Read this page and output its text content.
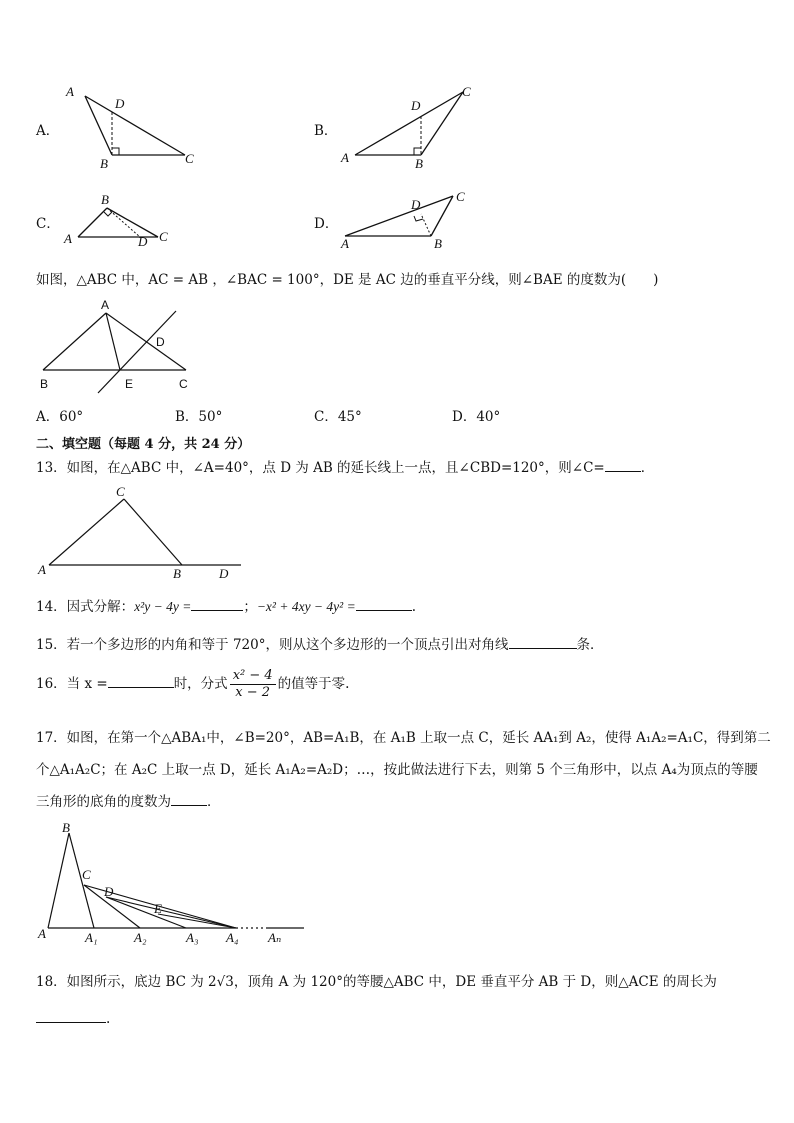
A．
A
D
B	C
B．
A
D
B
C
C．
A
B
D C
D．
A
D
B
C
如图，△ABC 中，AC = AB ，∠BAC = 100°，DE 是 AC 边的垂直平分线，则∠BAE 的度数为(　　)
A
D
B	E	C
A．60°	B．50°	C．45°	D．40°
二、填空题（每题 4 分，共 24 分）
13．如图，在△ABC 中，∠A=40°，点 D 为 AB 的延长线上一点，且∠CBD=120°，则∠C=	．
C
A	B	D
14．因式分解：x²y − 4y =	；−x² + 4xy − 4y² =	.
15．若一个多边形的内角和等于 720°，则从这个多边形的一个顶点引出对角线	条．
16．当 x =	时，分式 $\frac{\text{x² − 4}}{x - 2}$ 的值等于零.
17．如图，在第一个△ABA₁中，∠B=20°，AB=A₁B，在 A₁B 上取一点 C，延长 AA₁到 A₂，使得 A₁A₂=A₁C，得到第二
个△A₁A₂C；在 A₂C 上取一点 D，延长 A₁A₂=A₂D；…，按此做法进行下去，则第 5 个三角形中，以点 A₄为顶点的等腰
三角形的底角的度数为	．
B
C
D
E
A	A₁	A₂	A₃ A₄ Aₙ
18．如图所示，底边 BC 为 2√3，顶角 A 为 120°的等腰△ABC 中，DE 垂直平分 AB 于 D，则△ACE 的周长为
.
